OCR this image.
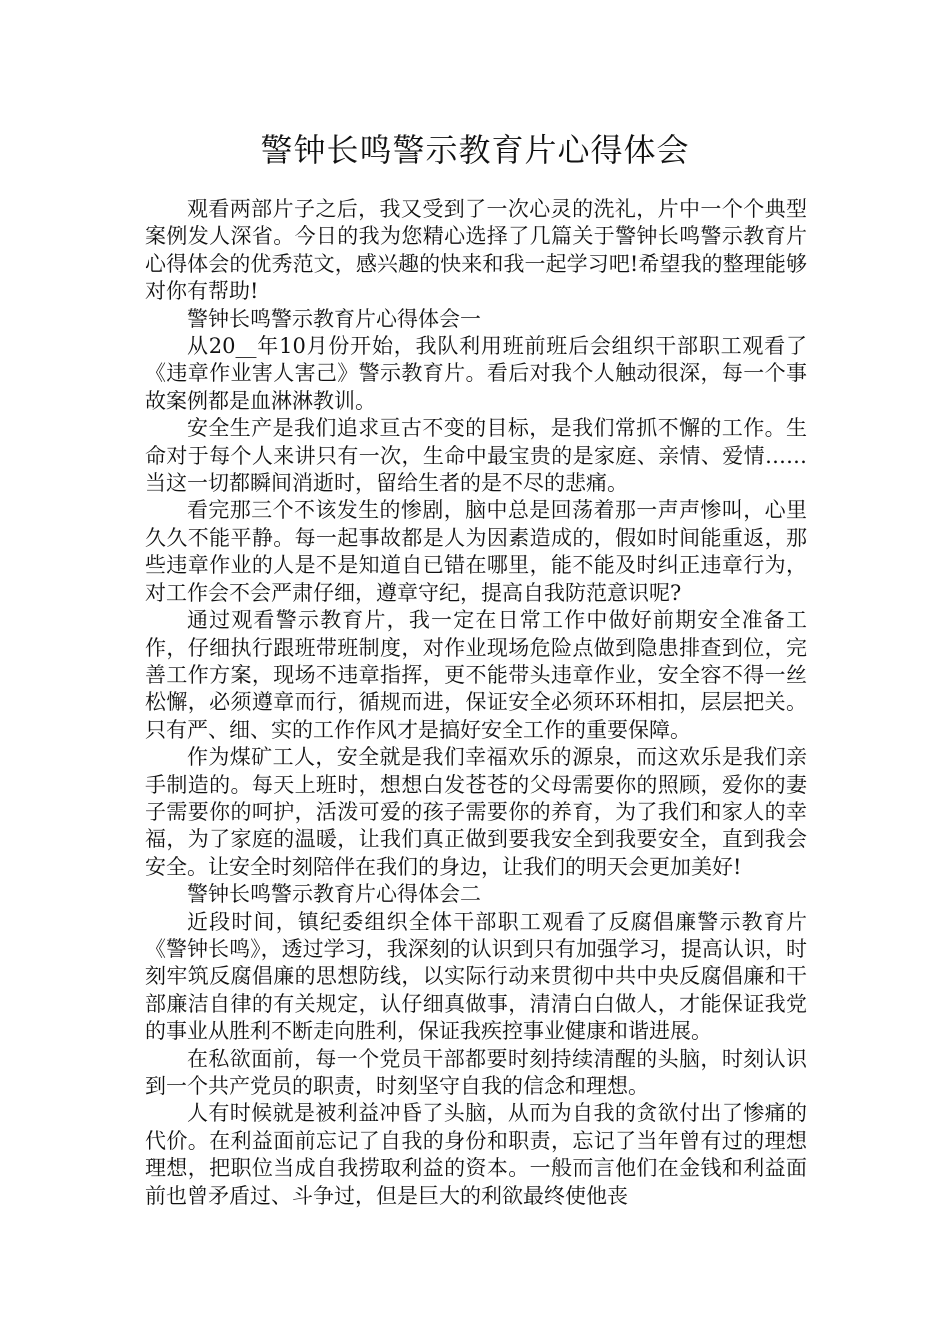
警钟长鸣警示教育片心得体会

观看两部片子之后，我又受到了一次心灵的洗礼，片中一个个典型案例发人深省。今日的我为您精心选择了几篇关于警钟长鸣警示教育片心得体会的优秀范文，感兴趣的快来和我一起学习吧!希望我的整理能够对你有帮助!

警钟长鸣警示教育片心得体会一

从20__年10月份开始，我队利用班前班后会组织干部职工观看了《违章作业害人害己》警示教育片。看后对我个人触动很深，每一个事故案例都是血淋淋教训。

安全生产是我们追求亘古不变的目标，是我们常抓不懈的工作。生命对于每个人来讲只有一次，生命中最宝贵的是家庭、亲情、爱情……当这一切都瞬间消逝时，留给生者的是不尽的悲痛。

看完那三个不该发生的惨剧，脑中总是回荡着那一声声惨叫，心里久久不能平静。每一起事故都是人为因素造成的，假如时间能重返，那些违章作业的人是不是知道自已错在哪里，能不能及时纠正违章行为，对工作会不会严肃仔细，遵章守纪，提高自我防范意识呢?

通过观看警示教育片，我一定在日常工作中做好前期安全准备工作，仔细执行跟班带班制度，对作业现场危险点做到隐患排查到位，完善工作方案，现场不违章指挥，更不能带头违章作业，安全容不得一丝松懈，必须遵章而行，循规而进，保证安全必须环环相扣，层层把关。只有严、细、实的工作作风才是搞好安全工作的重要保障。

作为煤矿工人，安全就是我们幸福欢乐的源泉，而这欢乐是我们亲手制造的。每天上班时，想想白发苍苍的父母需要你的照顾，爱你的妻子需要你的呵护，活泼可爱的孩子需要你的养育，为了我们和家人的幸福，为了家庭的温暖，让我们真正做到要我安全到我要安全，直到我会安全。让安全时刻陪伴在我们的身边，让我们的明天会更加美好!

警钟长鸣警示教育片心得体会二

近段时间，镇纪委组织全体干部职工观看了反腐倡廉警示教育片《警钟长鸣》，透过学习，我深刻的认识到只有加强学习，提高认识，时刻牢筑反腐倡廉的思想防线，以实际行动来贯彻中共中央反腐倡廉和干部廉洁自律的有关规定，认仔细真做事，清清白白做人，才能保证我党的事业从胜利不断走向胜利，保证我疾控事业健康和谐进展。

在私欲面前，每一个党员干部都要时刻持续清醒的头脑，时刻认识到一个共产党员的职责，时刻坚守自我的信念和理想。

人有时候就是被利益冲昏了头脑，从而为自我的贪欲付出了惨痛的代价。在利益面前忘记了自我的身份和职责，忘记了当年曾有过的理想理想，把职位当成自我捞取利益的资本。一般而言他们在金钱和利益面前也曾矛盾过、斗争过，但是巨大的利欲最终使他丧
